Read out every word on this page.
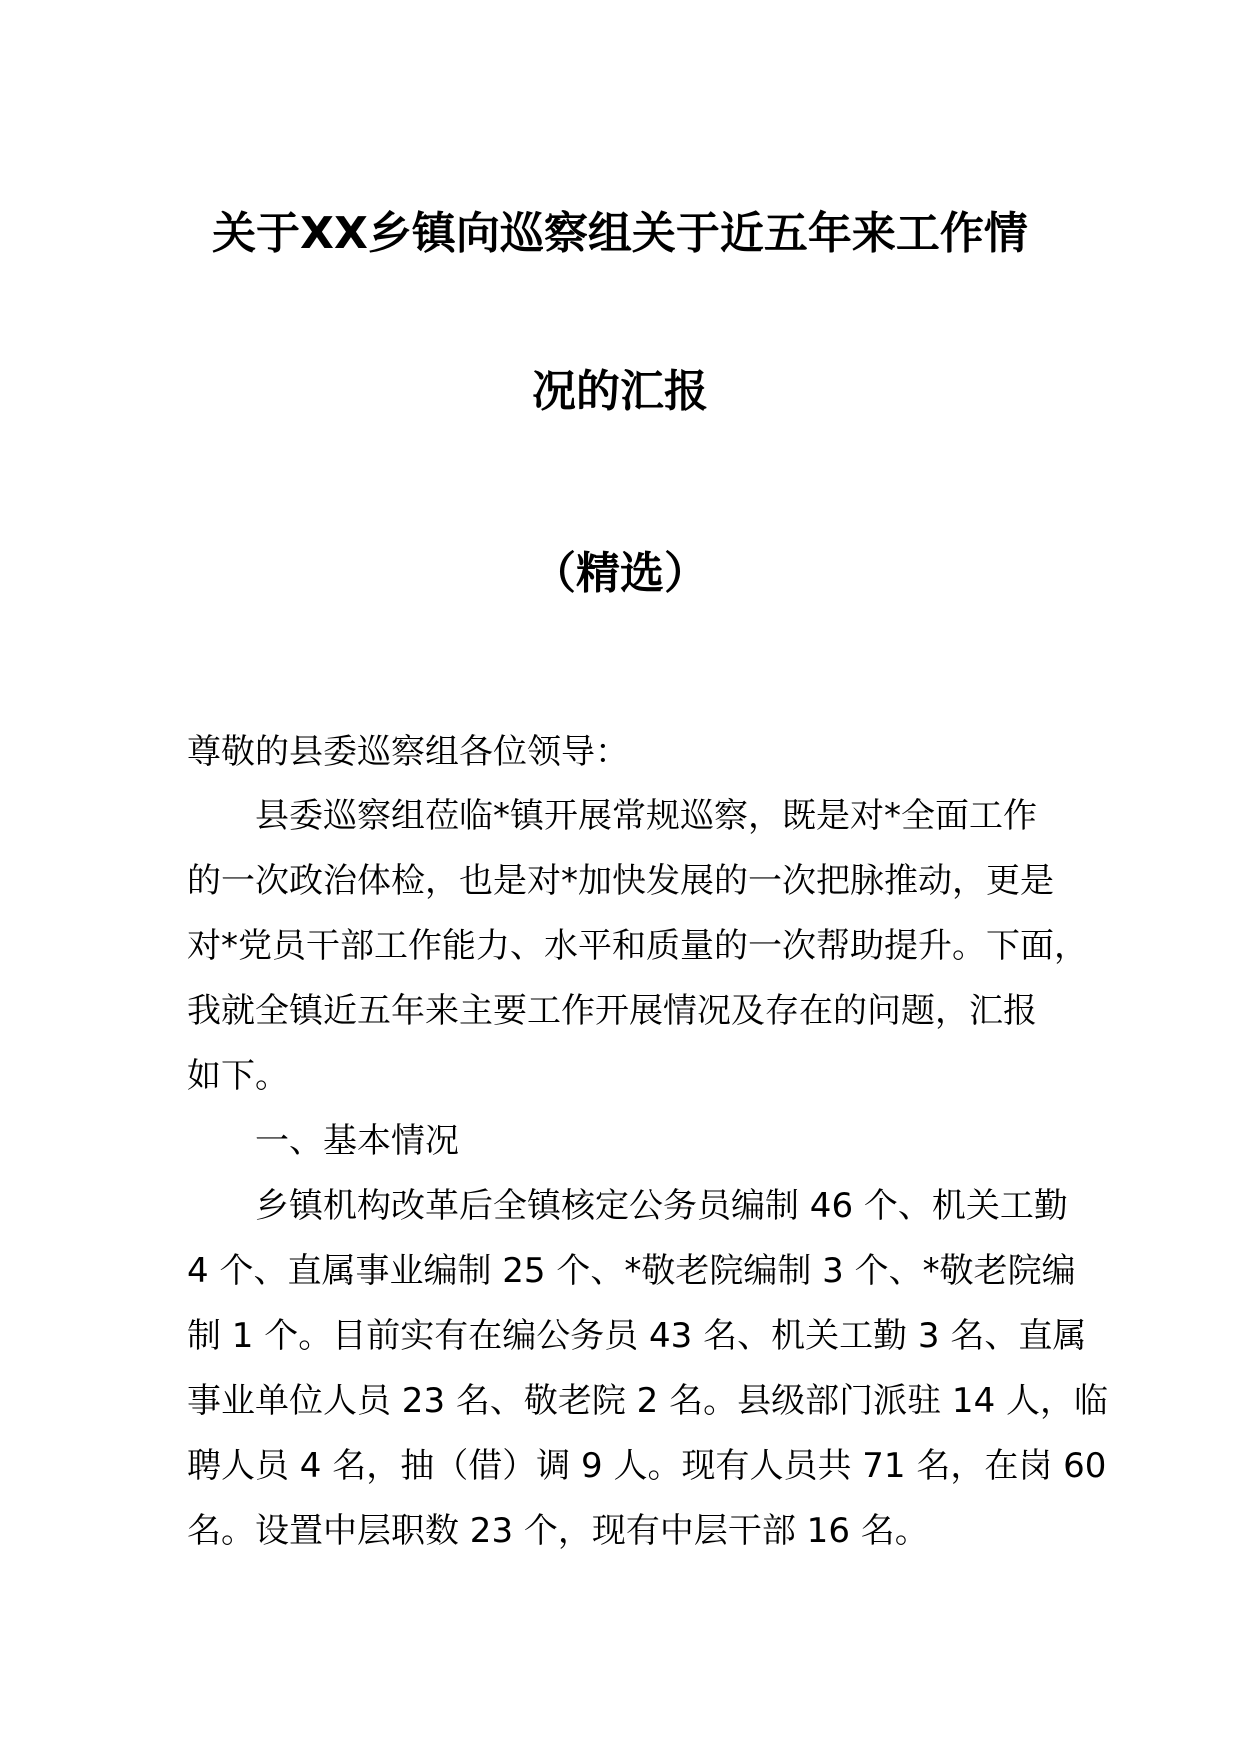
关于XX乡镇向巡察组关于近五年来工作情
况的汇报
（精选）
尊敬的县委巡察组各位领导：
县委巡察组莅临*镇开展常规巡察，既是对*全面工作
的一次政治体检，也是对*加快发展的一次把脉推动，更是
对*党员干部工作能力、水平和质量的一次帮助提升。下面，
我就全镇近五年来主要工作开展情况及存在的问题，汇报
如下。
一、基本情况
乡镇机构改革后全镇核定公务员编制 46 个、机关工勤
4 个、直属事业编制 25 个、*敬老院编制 3 个、*敬老院编
制 1 个。目前实有在编公务员 43 名、机关工勤 3 名、直属
事业单位人员 23 名、敬老院 2 名。县级部门派驻 14 人，临
聘人员 4 名，抽（借）调 9 人。现有人员共 71 名，在岗 60
名。设置中层职数 23 个，现有中层干部 16 名。
